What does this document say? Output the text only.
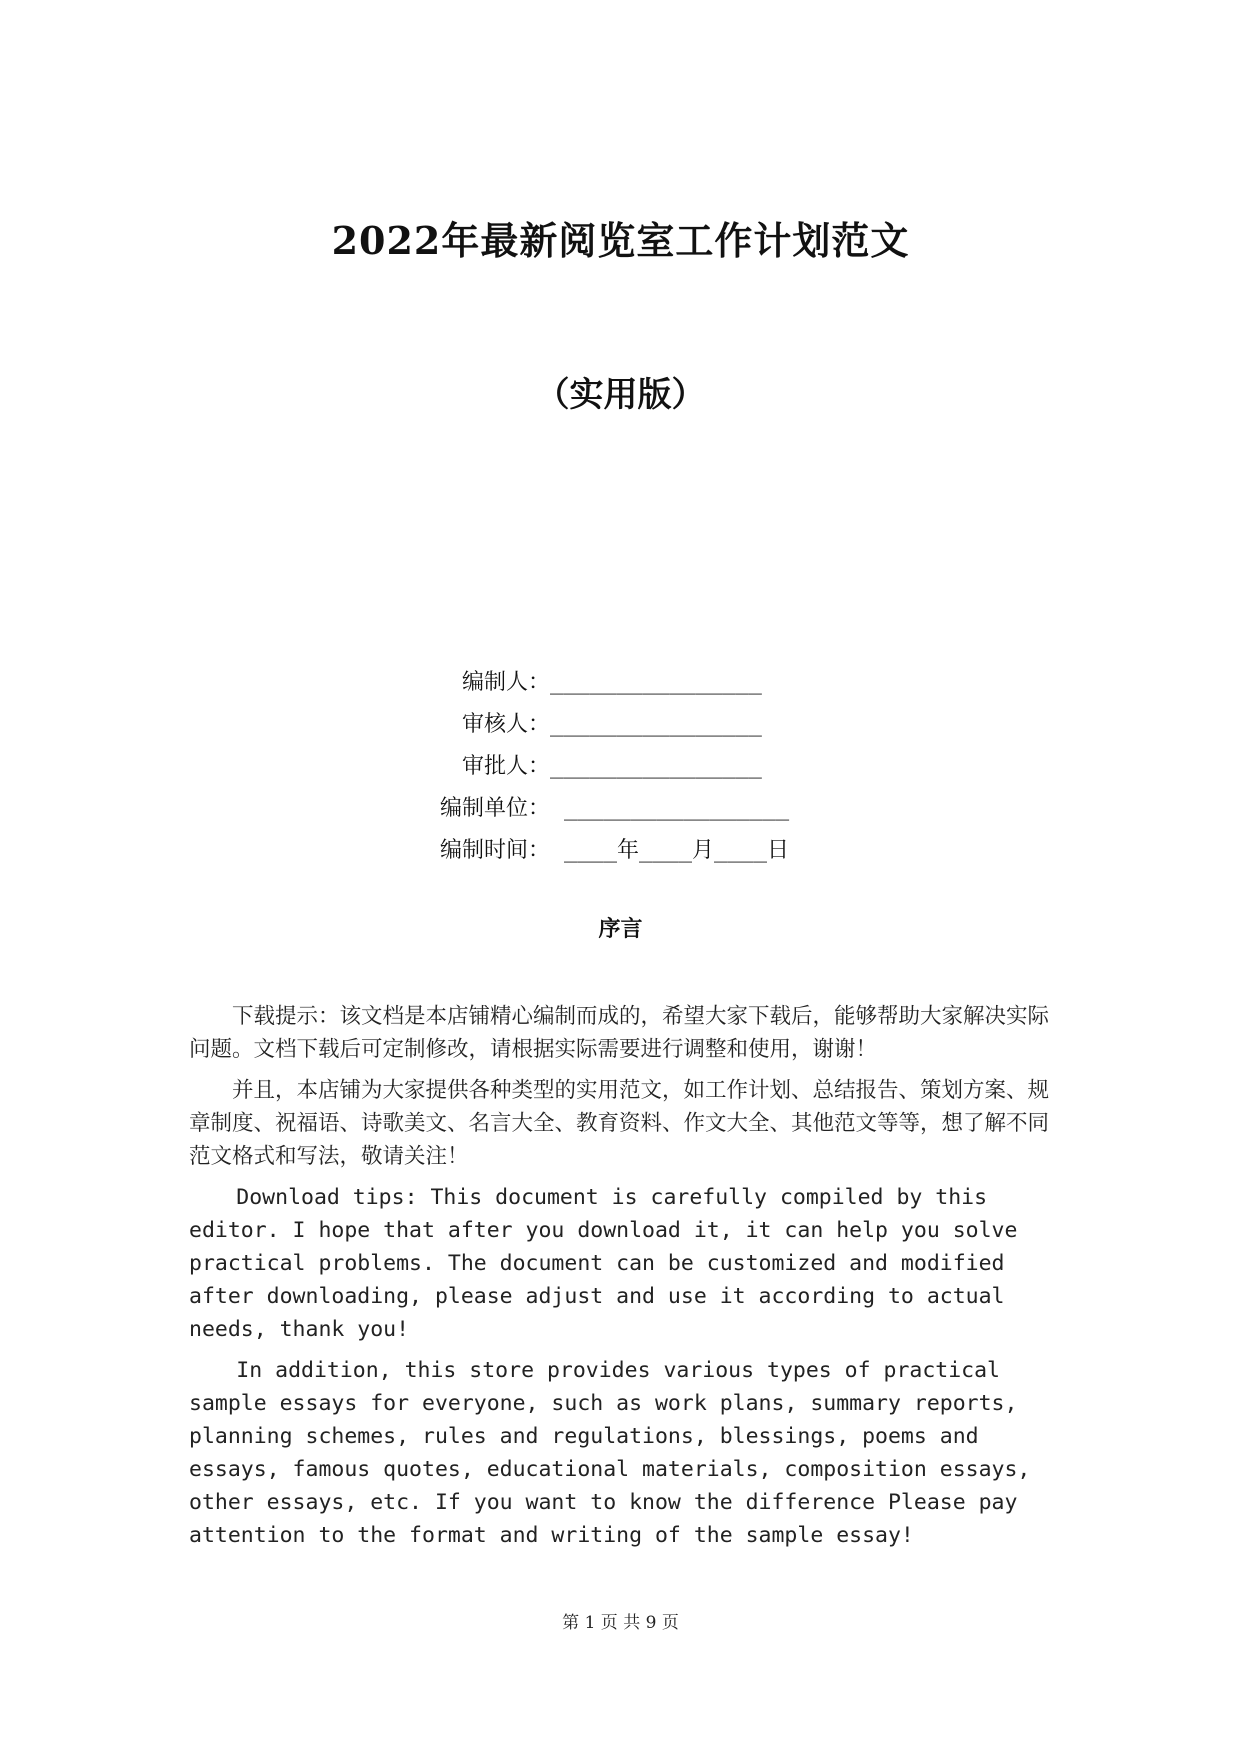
2022年最新阅览室工作计划范文
（实用版）
编制人： ________________
审核人： ________________
审批人： ________________
编制单位： _________________
编制时间： ____年____月____日
序言

下载提示：该文档是本店铺精心编制而成的，希望大家下载后，能够帮助大家解决实际问题。文档下载后可定制修改，请根据实际需要进行调整和使用，谢谢！

并且，本店铺为大家提供各种类型的实用范文，如工作计划、总结报告、策划方案、规章制度、祝福语、诗歌美文、名言大全、教育资料、作文大全、其他范文等等，想了解不同范文格式和写法，敬请关注！

Download tips: This document is carefully compiled by this editor. I hope that after you download it, it can help you solve practical problems. The document can be customized and modified after downloading, please adjust and use it according to actual needs, thank you!

In addition, this store provides various types of practical sample essays for everyone, such as work plans, summary reports, planning schemes, rules and regulations, blessings, poems and essays, famous quotes, educational materials, composition essays, other essays, etc. If you want to know the difference Please pay attention to the format and writing of the sample essay!

第 1 页 共 9 页
